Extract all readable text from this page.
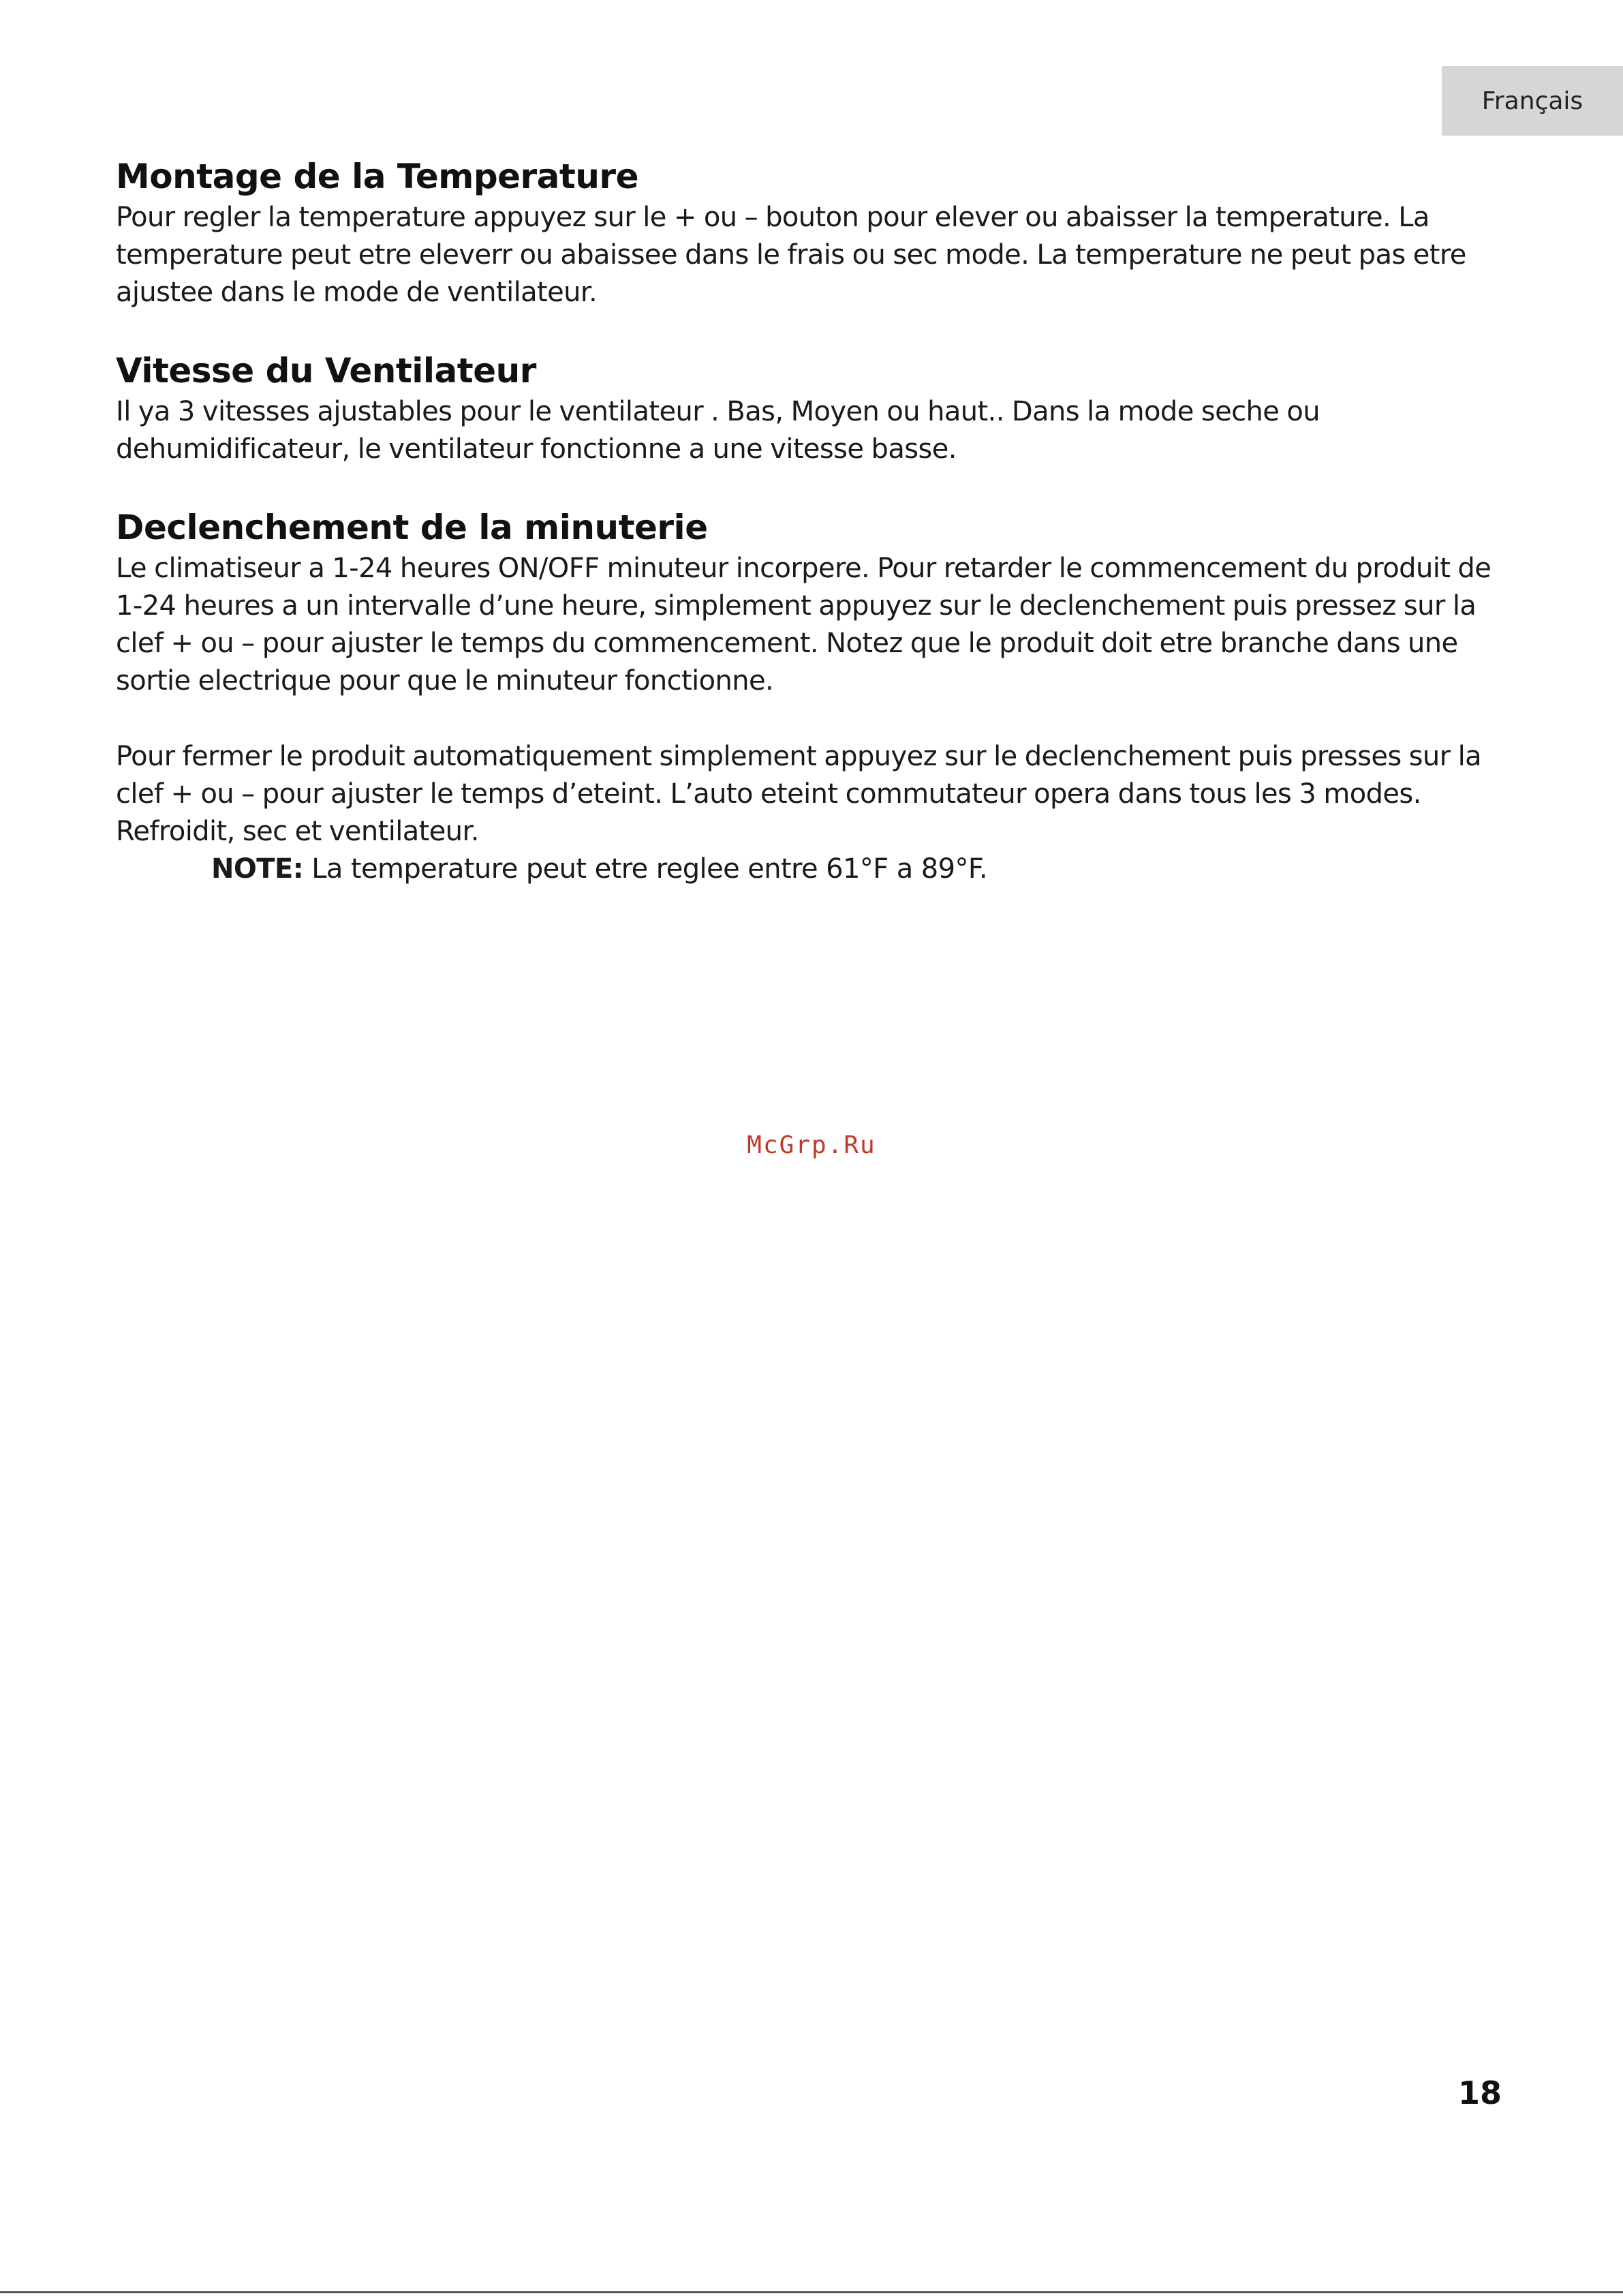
Français
Montage de la Temperature

Pour regler la temperature appuyez sur le + ou – bouton pour elever ou abaisser la temperature. La temperature peut etre eleverr ou abaissee dans le frais ou sec mode. La temperature ne peut pas etre ajustee dans le mode de ventilateur.

Vitesse du Ventilateur

Il ya 3 vitesses ajustables pour le ventilateur . Bas, Moyen ou haut.. Dans la mode seche ou dehumidificateur, le ventilateur fonctionne a une vitesse basse.

Declenchement de la minuterie

Le climatiseur a 1-24 heures ON/OFF minuteur incorpere. Pour retarder le commencement du produit de 1-24 heures a un intervalle d’une heure, simplement appuyez sur le declenchement puis pressez sur la clef + ou – pour ajuster le temps du commencement. Notez que le produit doit etre branche dans une sortie electrique pour que le minuteur fonctionne.

Pour fermer le produit automatiquement simplement appuyez sur le declenchement puis presses sur la clef + ou – pour ajuster le temps d’eteint. L’auto eteint commutateur opera dans tous les 3 modes. Refroidit, sec et ventilateur.

NOTE: La temperature peut etre reglee entre 61°F a 89°F.

McGrp.Ru
18
